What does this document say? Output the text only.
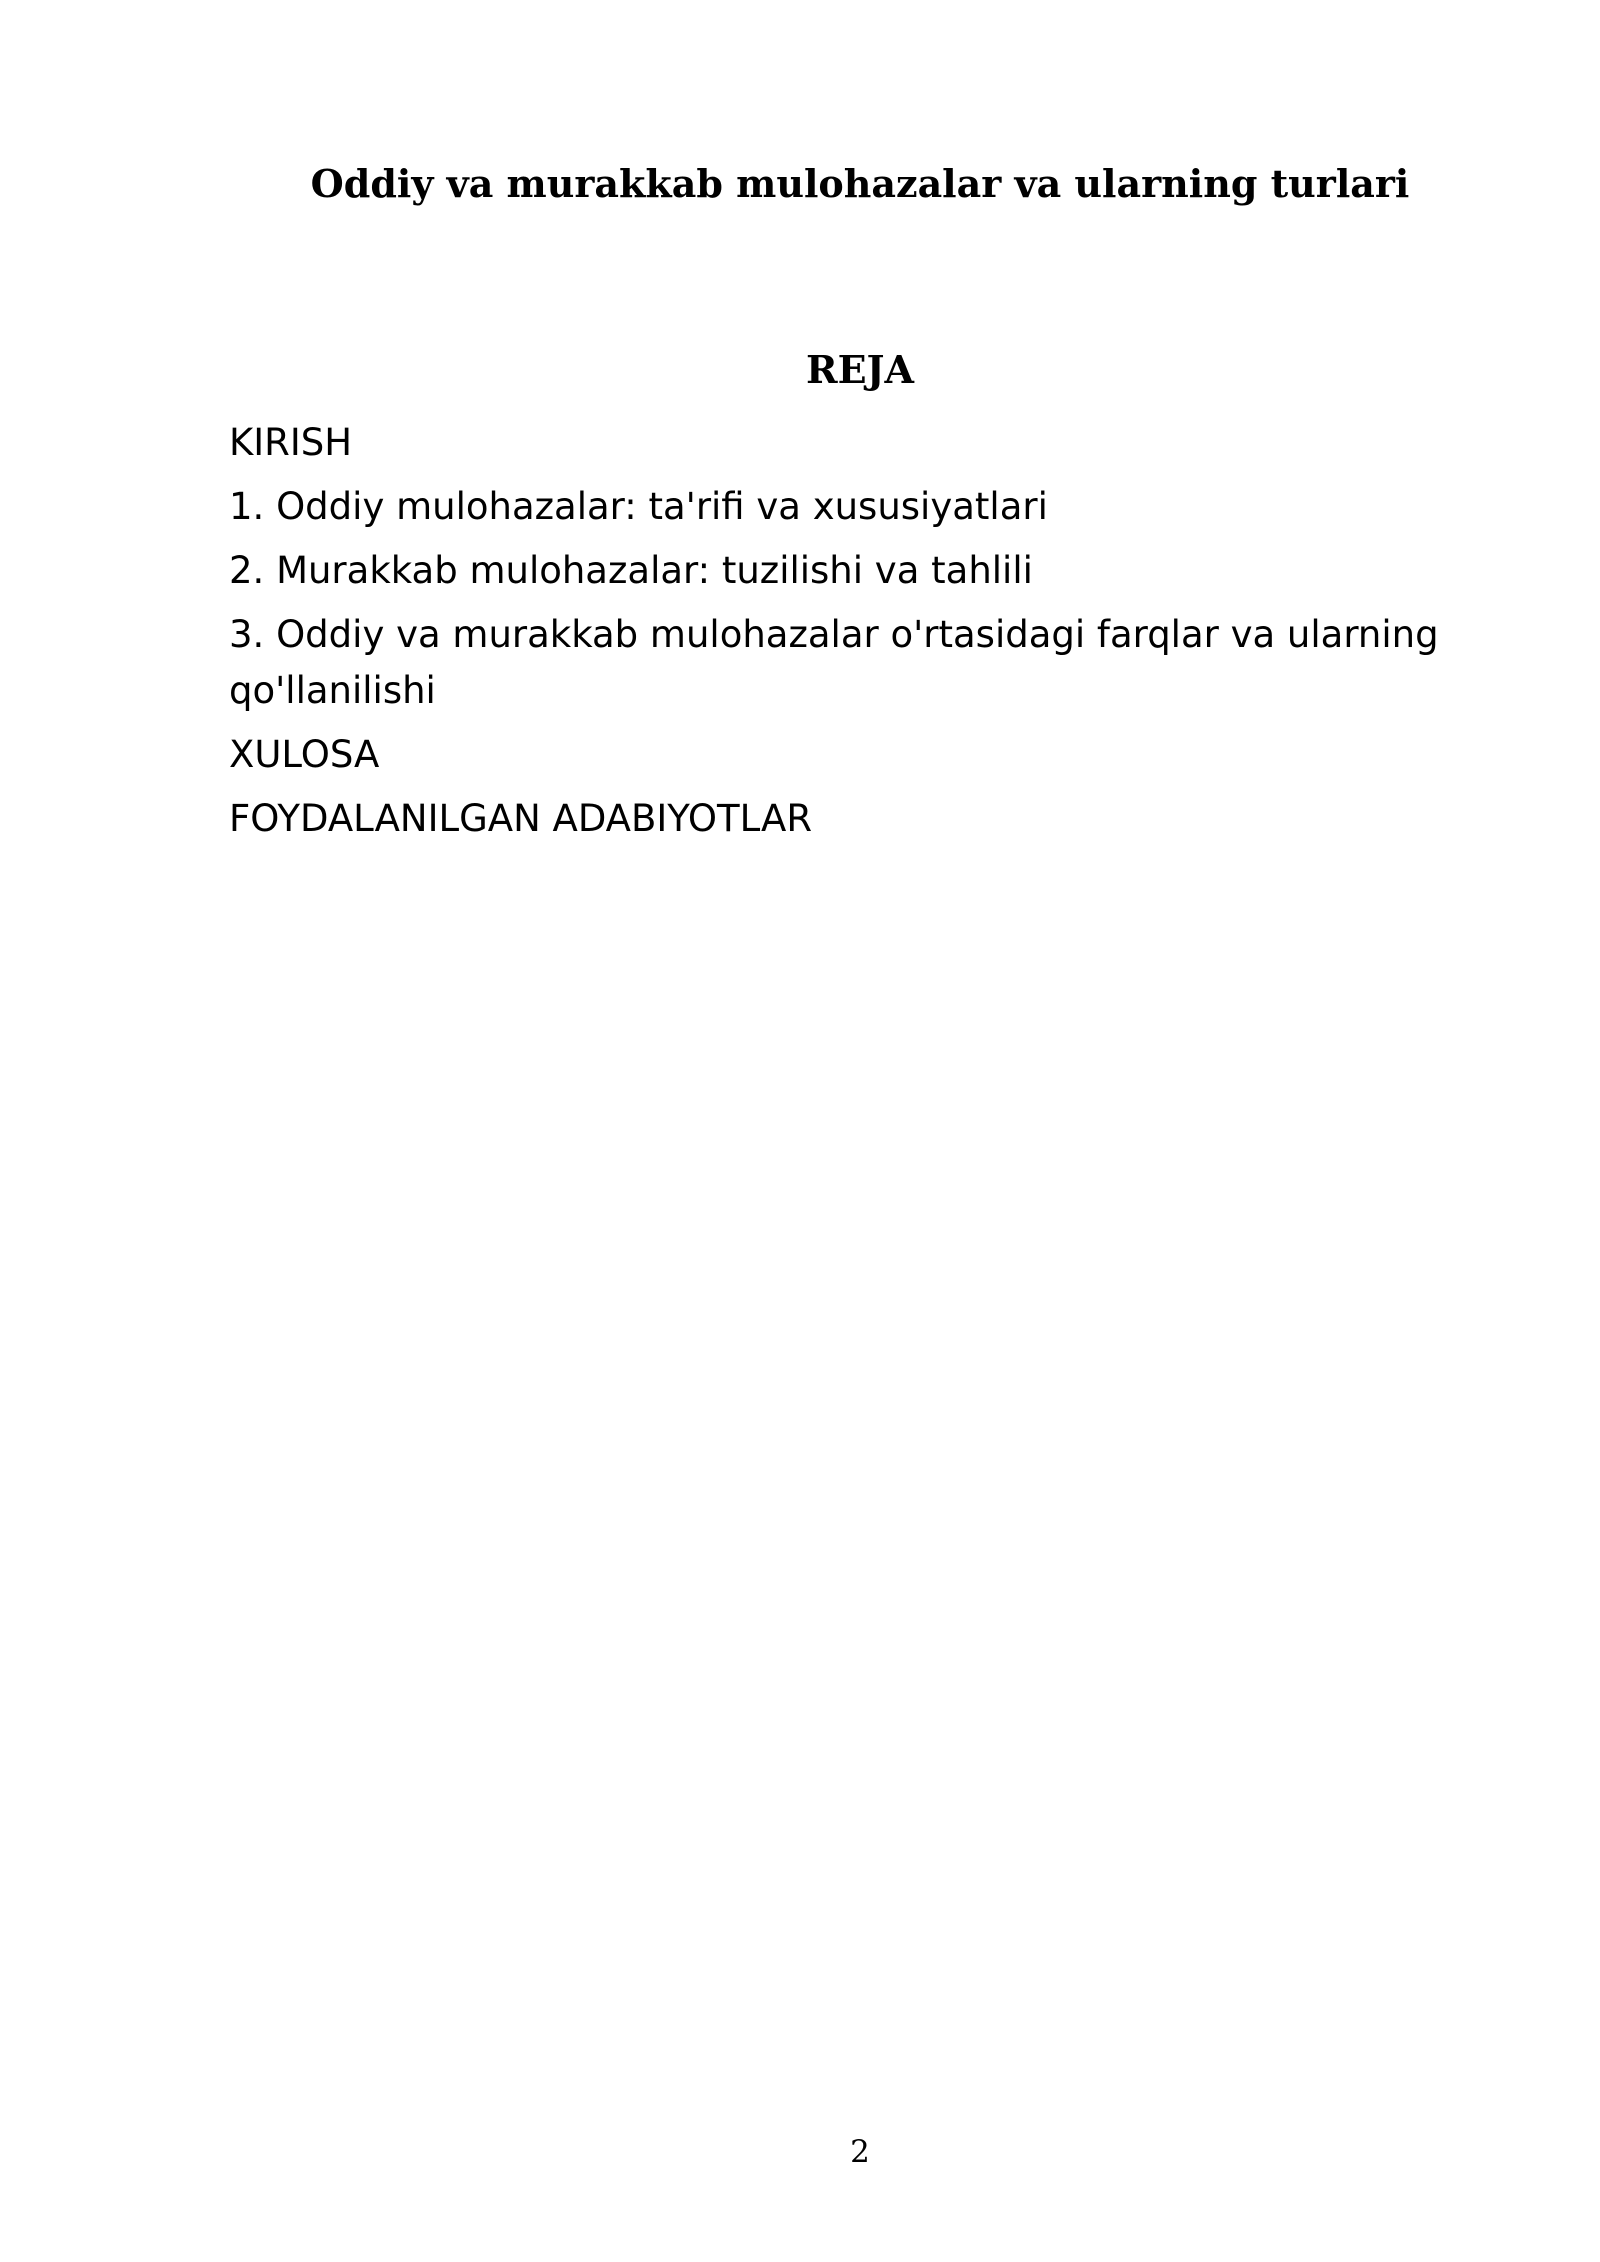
Oddiy va murakkab mulohazalar va ularning turlari
REJA
KIRISH
1. Oddiy mulohazalar: ta'rifi va xususiyatlari
2. Murakkab mulohazalar: tuzilishi va tahlili
3. Oddiy va murakkab mulohazalar o'rtasidagi farqlar va ularning qo'llanilishi
XULOSA
FOYDALANILGAN ADABIYOTLAR
2
